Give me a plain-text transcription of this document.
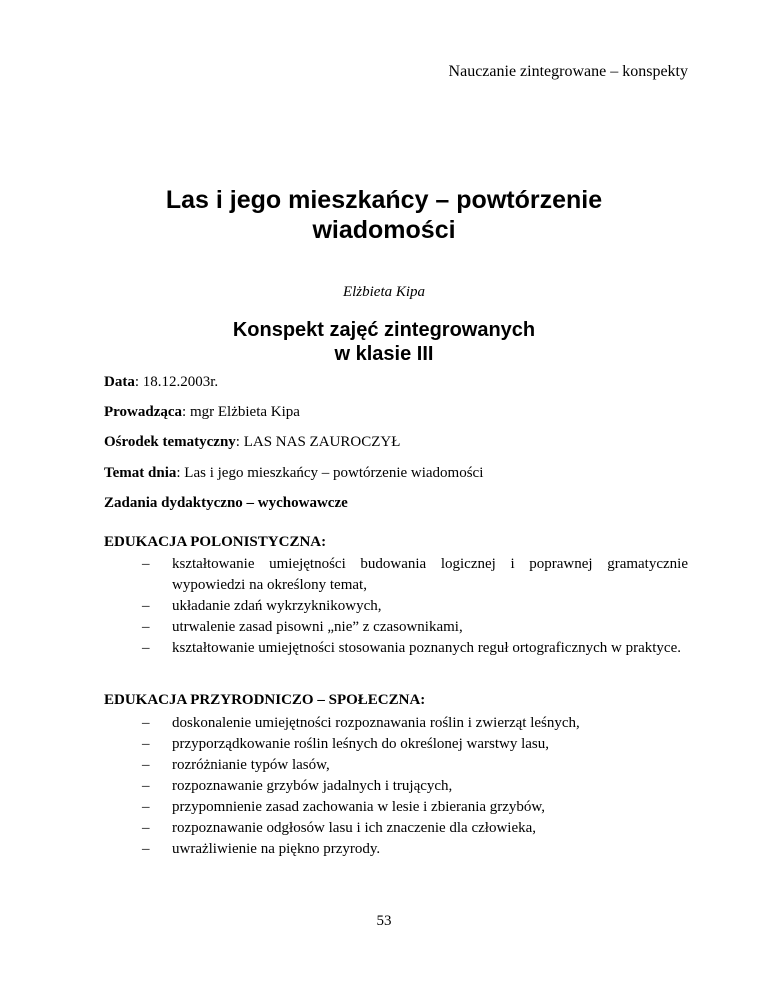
Nauczanie zintegrowane – konspekty
Las i jego mieszkańcy – powtórzenie
wiadomości
Elżbieta Kipa
Konspekt zajęć zintegrowanych
w klasie III
Data: 18.12.2003r.
Prowadząca: mgr Elżbieta Kipa
Ośrodek tematyczny: LAS NAS ZAUROCZYŁ
Temat dnia: Las i jego mieszkańcy – powtórzenie wiadomości
Zadania dydaktyczno – wychowawcze
EDUKACJA POLONISTYCZNA:
– kształtowanie umiejętności budowania logicznej i poprawnej gramatycznie wypowiedzi na określony temat,
– układanie zdań wykrzyknikowych,
– utrwalenie zasad pisowni „nie” z czasownikami,
– kształtowanie umiejętności stosowania poznanych reguł ortograficznych w praktyce.
EDUKACJA PRZYRODNICZO – SPOŁECZNA:
– doskonalenie umiejętności rozpoznawania roślin i zwierząt leśnych,
– przyporządkowanie roślin leśnych do określonej warstwy lasu,
– rozróżnianie typów lasów,
– rozpoznawanie grzybów jadalnych i trujących,
– przypomnienie zasad zachowania w lesie i zbierania grzybów,
– rozpoznawanie odgłosów lasu i ich znaczenie dla człowieka,
– uwrażliwienie na piękno przyrody.
53
